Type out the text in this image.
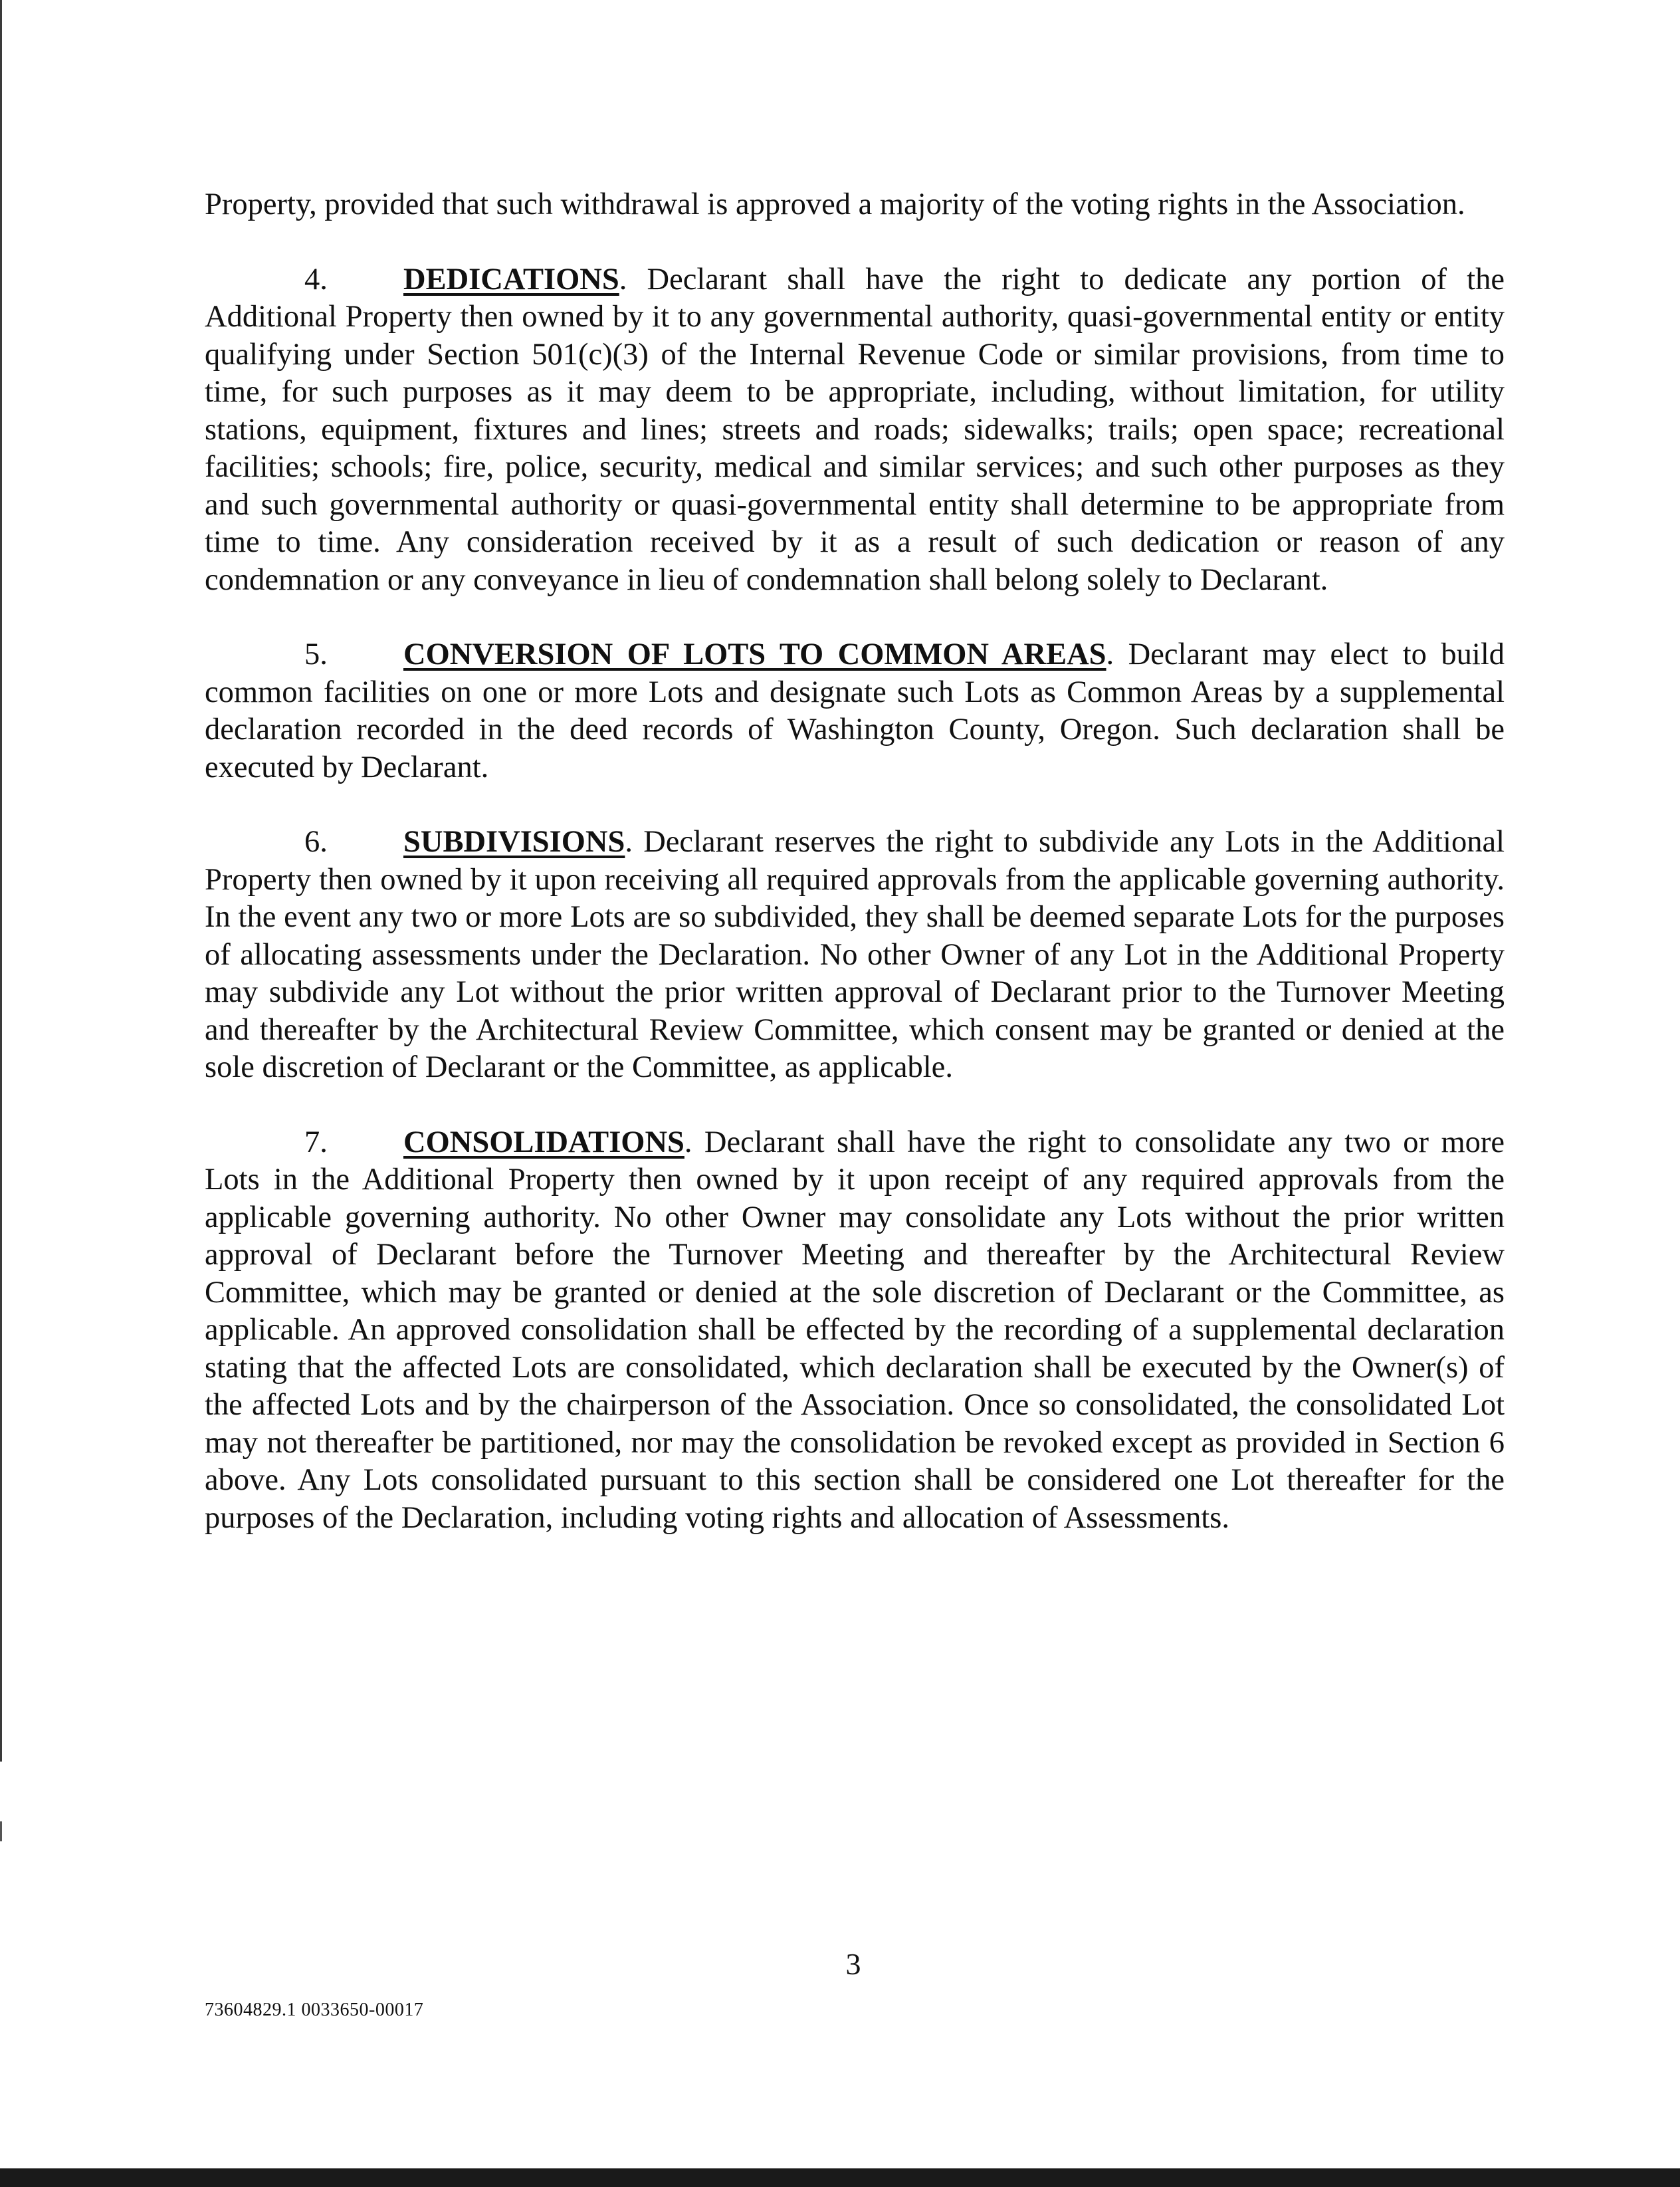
Property, provided that such withdrawal is approved a majority of the voting rights in the Association.

4. DEDICATIONS. Declarant shall have the right to dedicate any portion of the Additional Property then owned by it to any governmental authority, quasi-governmental entity or entity qualifying under Section 501(c)(3) of the Internal Revenue Code or similar provisions, from time to time, for such purposes as it may deem to be appropriate, including, without limitation, for utility stations, equipment, fixtures and lines; streets and roads; sidewalks; trails; open space; recreational facilities; schools; fire, police, security, medical and similar services; and such other purposes as they and such governmental authority or quasi-governmental entity shall determine to be appropriate from time to time. Any consideration received by it as a result of such dedication or reason of any condemnation or any conveyance in lieu of condemnation shall belong solely to Declarant.

5. CONVERSION OF LOTS TO COMMON AREAS. Declarant may elect to build common facilities on one or more Lots and designate such Lots as Common Areas by a supplemental declaration recorded in the deed records of Washington County, Oregon. Such declaration shall be executed by Declarant.

6. SUBDIVISIONS. Declarant reserves the right to subdivide any Lots in the Additional Property then owned by it upon receiving all required approvals from the applicable governing authority. In the event any two or more Lots are so subdivided, they shall be deemed separate Lots for the purposes of allocating assessments under the Declaration. No other Owner of any Lot in the Additional Property may subdivide any Lot without the prior written approval of Declarant prior to the Turnover Meeting and thereafter by the Architectural Review Committee, which consent may be granted or denied at the sole discretion of Declarant or the Committee, as applicable.

7. CONSOLIDATIONS. Declarant shall have the right to consolidate any two or more Lots in the Additional Property then owned by it upon receipt of any required approvals from the applicable governing authority. No other Owner may consolidate any Lots without the prior written approval of Declarant before the Turnover Meeting and thereafter by the Architectural Review Committee, which may be granted or denied at the sole discretion of Declarant or the Committee, as applicable. An approved consolidation shall be effected by the recording of a supplemental declaration stating that the affected Lots are consolidated, which declaration shall be executed by the Owner(s) of the affected Lots and by the chairperson of the Association. Once so consolidated, the consolidated Lot may not thereafter be partitioned, nor may the consolidation be revoked except as provided in Section 6 above. Any Lots consolidated pursuant to this section shall be considered one Lot thereafter for the purposes of the Declaration, including voting rights and allocation of Assessments.

3
73604829.1 0033650-00017
